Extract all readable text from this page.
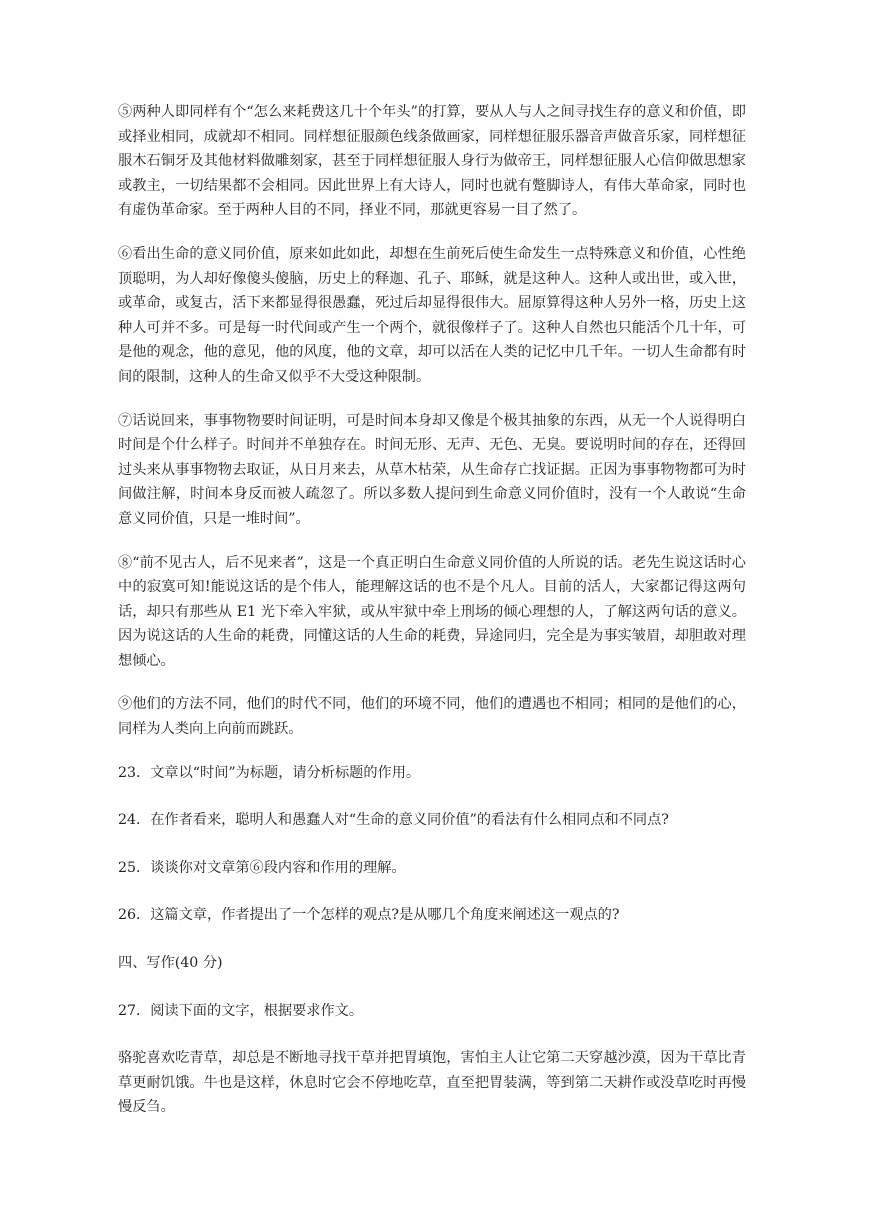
⑤两种人即同样有个“怎么来耗费这几十个年头”的打算，要从人与人之间寻找生存的意义和价值，即或择业相同，成就却不相同。同样想征服颜色线条做画家，同样想征服乐器音声做音乐家，同样想征服木石铜牙及其他材料做雕刻家，甚至于同样想征服人身行为做帝王，同样想征服人心信仰做思想家或教主，一切结果都不会相同。因此世界上有大诗人，同时也就有蹩脚诗人，有伟大革命家，同时也有虚伪革命家。至于两种人目的不同，择业不同，那就更容易一目了然了。

⑥看出生命的意义同价值，原来如此如此，却想在生前死后使生命发生一点特殊意义和价值，心性绝顶聪明，为人却好像傻头傻脑，历史上的释迦、孔子、耶稣，就是这种人。这种人或出世，或入世，或革命，或复古，活下来都显得很愚蠢，死过后却显得很伟大。屈原算得这种人另外一格，历史上这种人可并不多。可是每一时代间或产生一个两个，就很像样子了。这种人自然也只能活个几十年，可是他的观念，他的意见，他的风度，他的文章，却可以活在人类的记忆中几千年。一切人生命都有时间的限制，这种人的生命又似乎不大受这种限制。

⑦话说回来，事事物物要时间证明，可是时间本身却又像是个极其抽象的东西，从无一个人说得明白时间是个什么样子。时间并不单独存在。时间无形、无声、无色、无臭。要说明时间的存在，还得回过头来从事事物物去取证，从日月来去，从草木枯荣，从生命存亡找证据。正因为事事物物都可为时间做注解，时间本身反而被人疏忽了。所以多数人提问到生命意义同价值时，没有一个人敢说“生命意义同价值，只是一堆时间”。

⑧“前不见古人，后不见来者”，这是一个真正明白生命意义同价值的人所说的话。老先生说这话时心中的寂寞可知!能说这话的是个伟人，能理解这话的也不是个凡人。目前的活人，大家都记得这两句话，却只有那些从 E1 光下牵入牢狱，或从牢狱中牵上刑场的倾心理想的人，了解这两句话的意义。因为说这话的人生命的耗费，同懂这话的人生命的耗费，异途同归，完全是为事实皱眉，却胆敢对理想倾心。

⑨他们的方法不同，他们的时代不同，他们的环境不同，他们的遭遇也不相同；相同的是他们的心，同样为人类向上向前而跳跃。

23．文章以“时间”为标题，请分析标题的作用。

24．在作者看来，聪明人和愚蠢人对“生命的意义同价值”的看法有什么相同点和不同点?

25．谈谈你对文章第⑥段内容和作用的理解。

26．这篇文章，作者提出了一个怎样的观点?是从哪几个角度来阐述这一观点的?

四、写作(40 分)

27．阅读下面的文字，根据要求作文。

骆驼喜欢吃青草，却总是不断地寻找干草并把胃填饱，害怕主人让它第二天穿越沙漠，因为干草比青草更耐饥饿。牛也是这样，休息时它会不停地吃草，直至把胃装满，等到第二天耕作或没草吃时再慢慢反刍。
